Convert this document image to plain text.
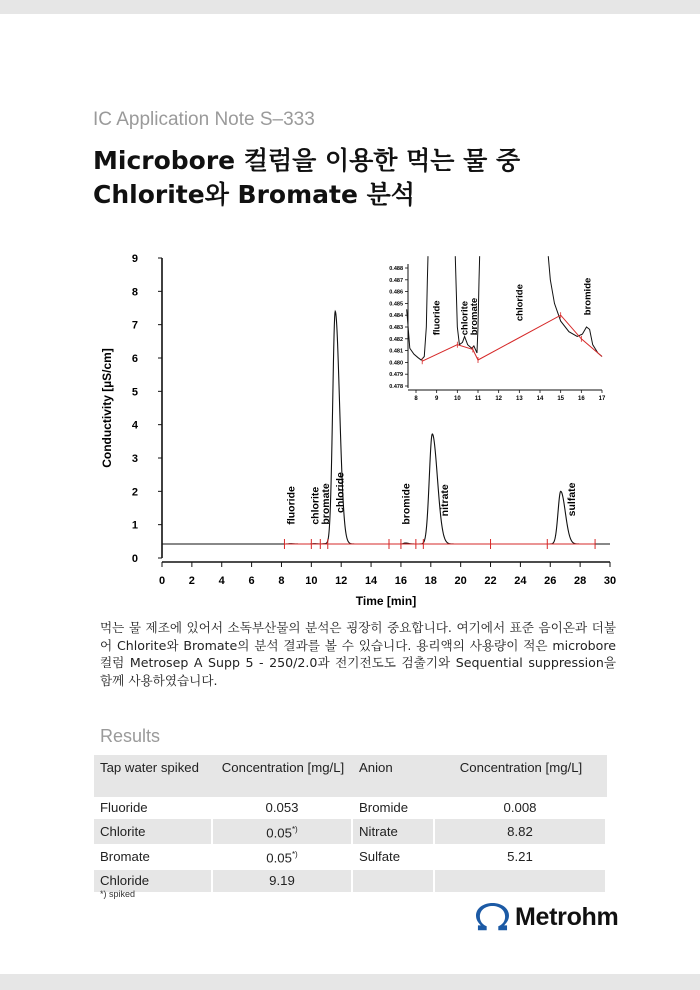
IC Application Note S–333
Microbore 컬럼을 이용한 먹는 물 중 Chlorite와 Bromate 분석
0
1
2
3
4
5
6
7
8
9
0 2 4 6 8 10 12 14 16 18 20 22 24 26 28 30
Time [min]
Conductivity [µS/cm]
fluoride chlorite
bromate chloride	bromide	nitrate	sulfate
0.478
0.479
0.480
0.481
0.482
0.483
0.484
0.485
0.486
0.487
0.488
8	9	10 11 12 13 14 15 16 17
fluoride chlorite
bromate	chloride	bromide
먹는 물 제조에 있어서 소독부산물의 분석은 굉장히 중요합니다. 여기에서 표준 음이온과 더불어 Chlorite와 Bromate의 분석 결과를 볼 수 있습니다. 용리액의 사용량이 적은 microbore 컬럼 Metrosep A Supp 5 - 250/2.0과 전기전도도 검출기와 Sequential suppression을 함께 사용하였습니다.
Results
Tap water spiked	Concentration [mg/L]	Anion	Concentration [mg/L]
Fluoride	0.053	Bromide	0.008
Chlorite	0.05*)	Nitrate	8.82
Bromate	0.05*)	Sulfate	5.21
Chloride	9.19		
*) spiked
Metrohm
